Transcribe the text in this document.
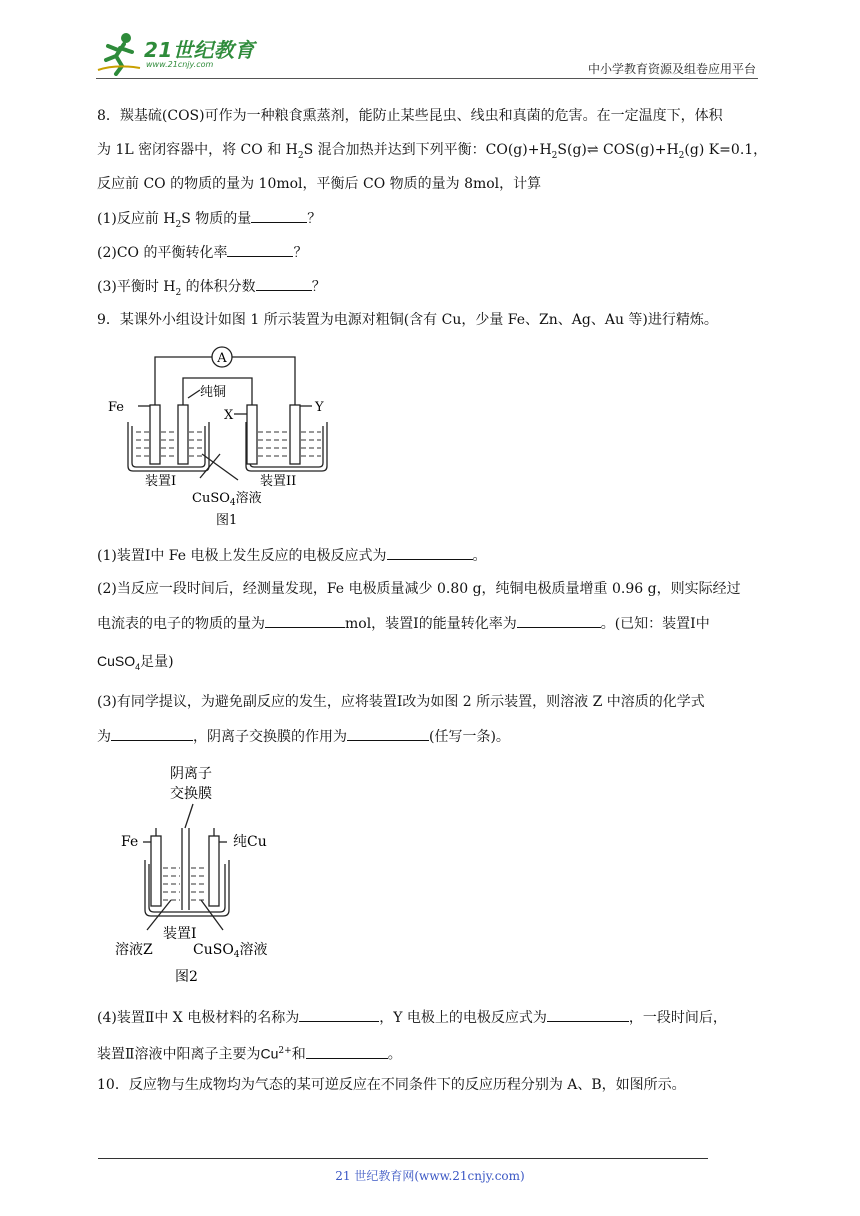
21世纪教育
www.21cnjy.com	中小学教育资源及组卷应用平台
8．羰基硫(COS)可作为一种粮食熏蒸剂，能防止某些昆虫、线虫和真菌的危害。在一定温度下，体积
为 1L 密闭容器中，将 CO 和 $H_2S$ 混合加热并达到下列平衡：$CO(g)+H_2S(g)\rightleftharpoons$ $COS(g)+H_2(g)$ K=0.1，
反应前 CO 的物质的量为 10mol，平衡后 CO 物质的量为 8mol，计算
(1)反应前 $H_2S$ 物质的量	？
(2)CO 的平衡转化率	？
(3)平衡时 $H_2$ 的体积分数	？
9．某课外小组设计如图 1 所示装置为电源对粗铜(含有 Cu，少量 Fe、Zn、Ag、Au 等)进行精炼。
A
Fe
纯铜
X
Y
装置I	装置II
CuSO$_4$溶液
图1
(1)装置Ⅰ中 Fe 电极上发生反应的电极反应式为	。
(2)当反应一段时间后，经测量发现，Fe 电极质量减少 0.80 g，纯铜电极质量增重 0.96 g，则实际经过
电流表的电子的物质的量为	mol，装置Ⅰ的能量转化率为	。(已知：装置Ⅰ中
CuSO$_4$足量)
(3)有同学提议，为避免副反应的发生，应将装置Ⅰ改为如图 2 所示装置，则溶液 Z 中溶质的化学式
为	，阴离子交换膜的作用为	(任写一条)。
阴离子
交换膜
Fe	纯Cu
装置I
溶液Z	CuSO$_4$溶液
图2
(4)装置Ⅱ中 X 电极材料的名称为	，Y 电极上的电极反应式为	，一段时间后，
装置Ⅱ溶液中阳离子主要为$Cu^{2+}$和	。
10．反应物与生成物均为气态的某可逆反应在不同条件下的反应历程分别为 A、B，如图所示。
21 世纪教育网(www.21cnjy.com)
